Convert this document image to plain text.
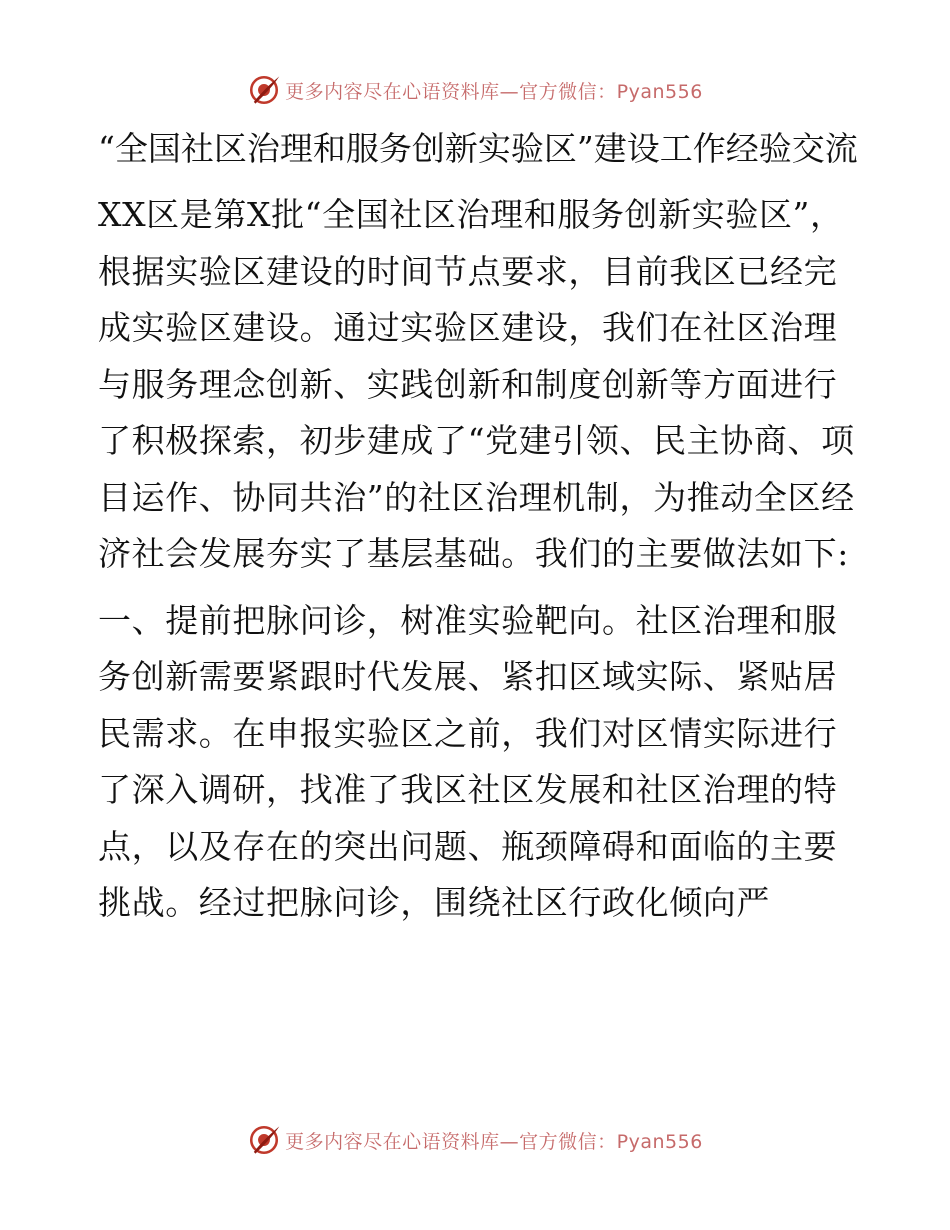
更多内容尽在心语资料库—官方微信：Pyan556
“全国社区治理和服务创新实验区”建设工作经验交流

XX区是第X批“全国社区治理和服务创新实验区”，根据实验区建设的时间节点要求，目前我区已经完成实验区建设。通过实验区建设，我们在社区治理与服务理念创新、实践创新和制度创新等方面进行了积极探索，初步建成了“党建引领、民主协商、项目运作、协同共治”的社区治理机制，为推动全区经济社会发展夯实了基层基础。我们的主要做法如下:

一、提前把脉问诊，树准实验靶向。社区治理和服务创新需要紧跟时代发展、紧扣区域实际、紧贴居民需求。在申报实验区之前，我们对区情实际进行了深入调研，找准了我区社区发展和社区治理的特点，以及存在的突出问题、瓶颈障碍和面临的主要挑战。经过把脉问诊，围绕社区行政化倾向严

更多内容尽在心语资料库—官方微信：Pyan556
